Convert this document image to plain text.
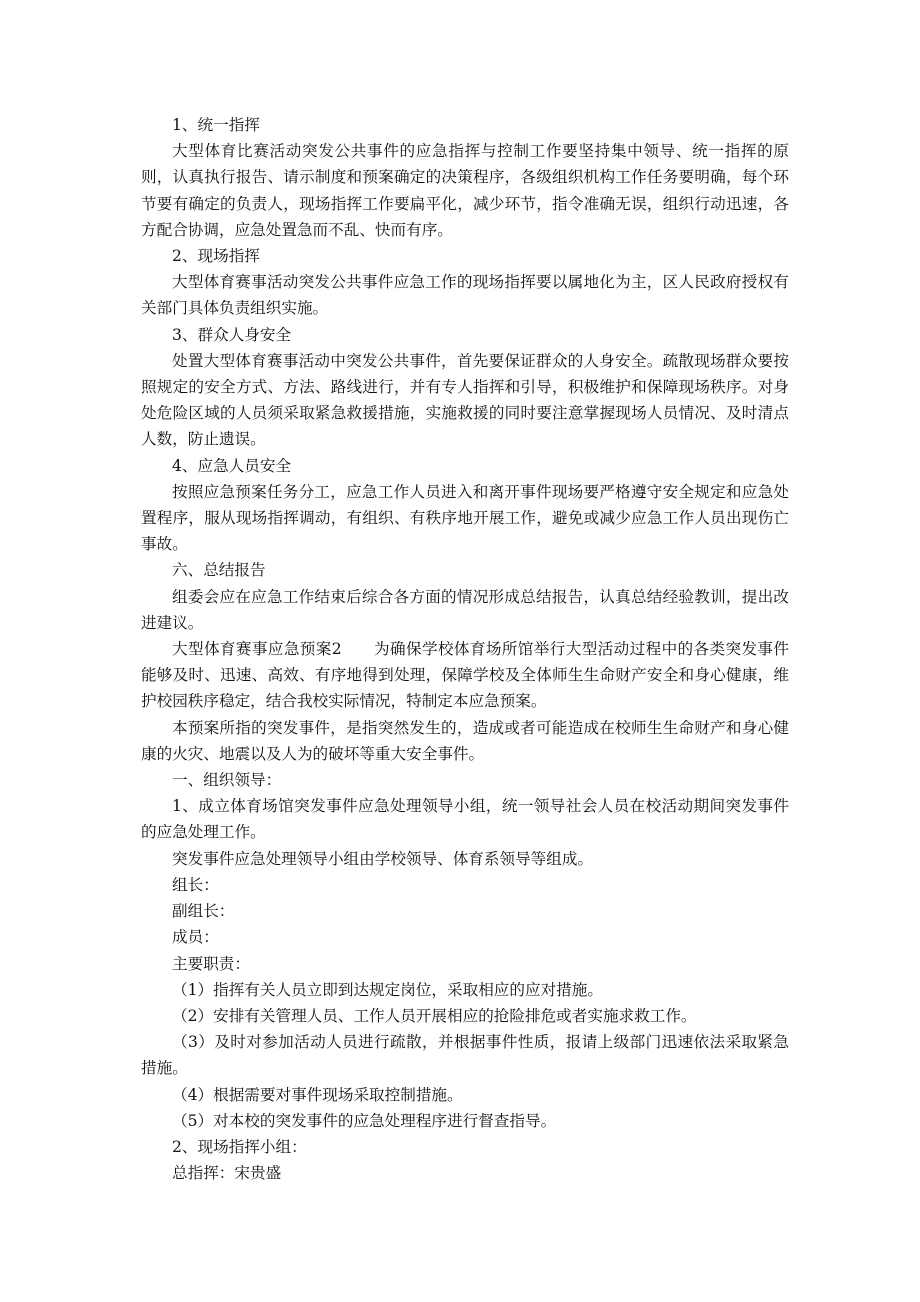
1、统一指挥

大型体育比赛活动突发公共事件的应急指挥与控制工作要坚持集中领导、统一指挥的原则，认真执行报告、请示制度和预案确定的决策程序，各级组织机构工作任务要明确，每个环节要有确定的负责人，现场指挥工作要扁平化，减少环节，指令准确无误，组织行动迅速，各方配合协调，应急处置急而不乱、快而有序。

2、现场指挥

大型体育赛事活动突发公共事件应急工作的现场指挥要以属地化为主，区人民政府授权有关部门具体负责组织实施。

3、群众人身安全

处置大型体育赛事活动中突发公共事件，首先要保证群众的人身安全。疏散现场群众要按照规定的安全方式、方法、路线进行，并有专人指挥和引导，积极维护和保障现场秩序。对身处危险区域的人员须采取紧急救援措施，实施救援的同时要注意掌握现场人员情况、及时清点人数，防止遗误。

4、应急人员安全

按照应急预案任务分工，应急工作人员进入和离开事件现场要严格遵守安全规定和应急处置程序，服从现场指挥调动，有组织、有秩序地开展工作，避免或减少应急工作人员出现伤亡事故。

六、总结报告

组委会应在应急工作结束后综合各方面的情况形成总结报告，认真总结经验教训，提出改进建议。

大型体育赛事应急预案2　　为确保学校体育场所馆举行大型活动过程中的各类突发事件能够及时、迅速、高效、有序地得到处理，保障学校及全体师生生命财产安全和身心健康，维护校园秩序稳定，结合我校实际情况，特制定本应急预案。

本预案所指的突发事件，是指突然发生的，造成或者可能造成在校师生生命财产和身心健康的火灾、地震以及人为的破坏等重大安全事件。

一、组织领导：

1、成立体育场馆突发事件应急处理领导小组，统一领导社会人员在校活动期间突发事件的应急处理工作。

突发事件应急处理领导小组由学校领导、体育系领导等组成。

组长：

副组长：

成员：

主要职责：

（1）指挥有关人员立即到达规定岗位，采取相应的应对措施。

（2）安排有关管理人员、工作人员开展相应的抢险排危或者实施求救工作。

（3）及时对参加活动人员进行疏散，并根据事件性质，报请上级部门迅速依法采取紧急措施。

（4）根据需要对事件现场采取控制措施。

（5）对本校的突发事件的应急处理程序进行督查指导。

2、现场指挥小组：

总指挥：宋贵盛
